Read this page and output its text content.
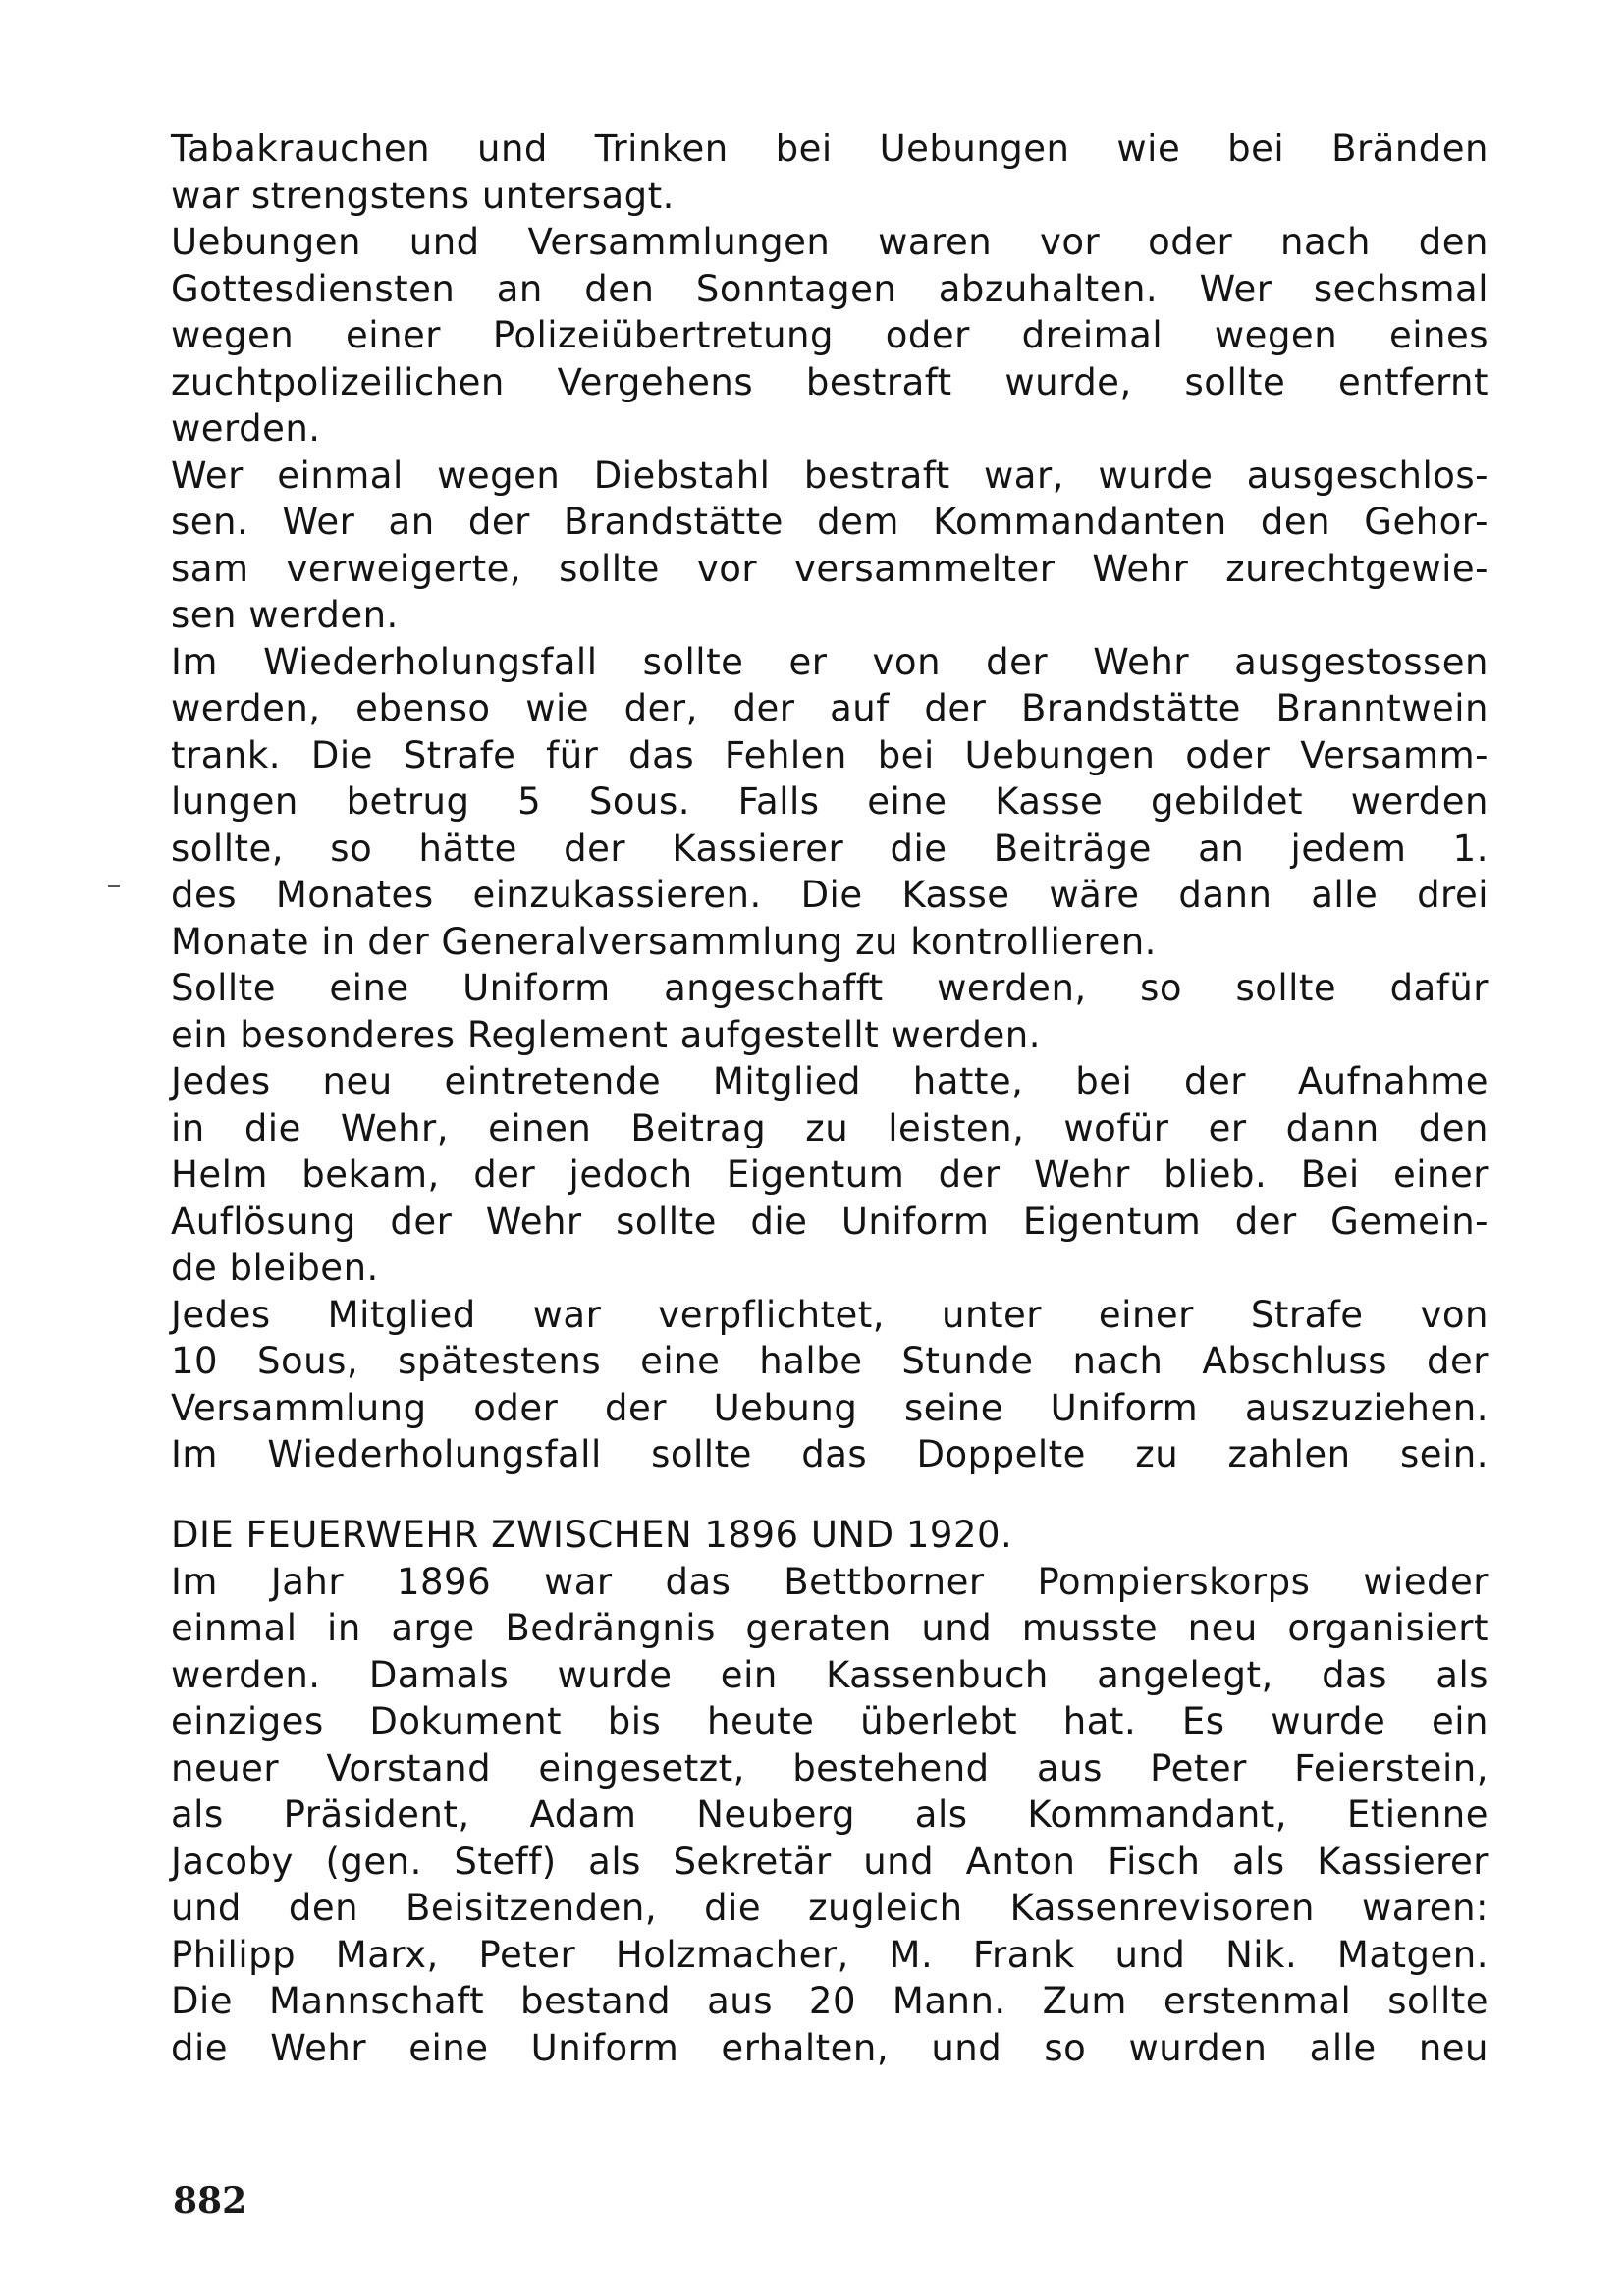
Tabakrauchen und Trinken bei Uebungen wie bei Bränden
war strengstens untersagt.
Uebungen und Versammlungen waren vor oder nach den
Gottesdiensten an den Sonntagen abzuhalten. Wer sechsmal
wegen einer Polizeiübertretung oder dreimal wegen eines
zuchtpolizeilichen Vergehens bestraft wurde, sollte entfernt
werden.
Wer einmal wegen Diebstahl bestraft war, wurde ausgeschlos-
sen. Wer an der Brandstätte dem Kommandanten den Gehor-
sam verweigerte, sollte vor versammelter Wehr zurechtgewie-
sen werden.
Im Wiederholungsfall sollte er von der Wehr ausgestossen
werden, ebenso wie der, der auf der Brandstätte Branntwein
trank. Die Strafe für das Fehlen bei Uebungen oder Versamm-
lungen betrug 5 Sous. Falls eine Kasse gebildet werden
sollte, so hätte der Kassierer die Beiträge an jedem 1.
des Monates einzukassieren. Die Kasse wäre dann alle drei
Monate in der Generalversammlung zu kontrollieren.
Sollte eine Uniform angeschafft werden, so sollte dafür
ein besonderes Reglement aufgestellt werden.
Jedes neu eintretende Mitglied hatte, bei der Aufnahme
in die Wehr, einen Beitrag zu leisten, wofür er dann den
Helm bekam, der jedoch Eigentum der Wehr blieb. Bei einer
Auflösung der Wehr sollte die Uniform Eigentum der Gemein-
de bleiben.
Jedes Mitglied war verpflichtet, unter einer Strafe von
10 Sous, spätestens eine halbe Stunde nach Abschluss der
Versammlung oder der Uebung seine Uniform auszuziehen.
Im Wiederholungsfall sollte das Doppelte zu zahlen sein.
DIE FEUERWEHR ZWISCHEN 1896 UND 1920.
Im Jahr 1896 war das Bettborner Pompierskorps wieder
einmal in arge Bedrängnis geraten und musste neu organisiert
werden. Damals wurde ein Kassenbuch angelegt, das als
einziges Dokument bis heute überlebt hat. Es wurde ein
neuer Vorstand eingesetzt, bestehend aus Peter Feierstein,
als Präsident, Adam Neuberg als Kommandant, Etienne
Jacoby (gen. Steff) als Sekretär und Anton Fisch als Kassierer
und den Beisitzenden, die zugleich Kassenrevisoren waren:
Philipp Marx, Peter Holzmacher, M. Frank und Nik. Matgen.
Die Mannschaft bestand aus 20 Mann. Zum erstenmal sollte
die Wehr eine Uniform erhalten, und so wurden alle neu
882
